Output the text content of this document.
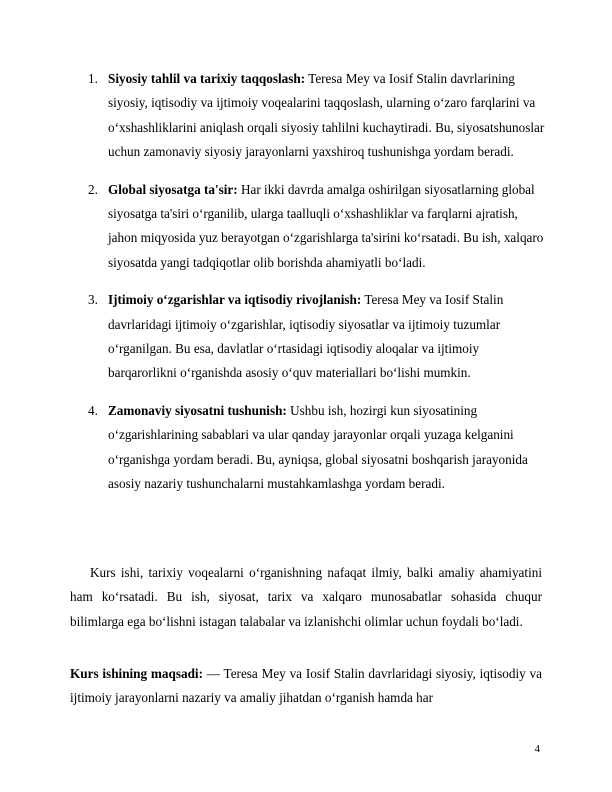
1. Siyosiy tahlil va tarixiy taqqoslash: Teresa Mey va Iosif Stalin davrlarining siyosiy, iqtisodiy va ijtimoiy voqealarini taqqoslash, ularning o‘zaro farqlarini va o‘xshashliklarini aniqlash orqali siyosiy tahlilni kuchaytiradi. Bu, siyosatshunoslar uchun zamonaviy siyosiy jarayonlarni yaxshiroq tushunishga yordam beradi.
2. Global siyosatga ta'sir: Har ikki davrda amalga oshirilgan siyosatlarning global siyosatga ta'siri o‘rganilib, ularga taalluqli o‘xshashliklar va farqlarni ajratish, jahon miqyosida yuz berayotgan o‘zgarishlarga ta'sirini ko‘rsatadi. Bu ish, xalqaro siyosatda yangi tadqiqotlar olib borishda ahamiyatli bo‘ladi.
3. Ijtimoiy o‘zgarishlar va iqtisodiy rivojlanish: Teresa Mey va Iosif Stalin davrlaridagi ijtimoiy o‘zgarishlar, iqtisodiy siyosatlar va ijtimoiy tuzumlar o‘rganilgan. Bu esa, davlatlar o‘rtasidagi iqtisodiy aloqalar va ijtimoiy barqarorlikni o‘rganishda asosiy o‘quv materiallari bo‘lishi mumkin.
4. Zamonaviy siyosatni tushunish: Ushbu ish, hozirgi kun siyosatining o‘zgarishlarining sabablari va ular qanday jarayonlar orqali yuzaga kelganini o‘rganishga yordam beradi. Bu, ayniqsa, global siyosatni boshqarish jarayonida asosiy nazariy tushunchalarni mustahkamlashga yordam beradi.

Kurs ishi, tarixiy voqealarni o‘rganishning nafaqat ilmiy, balki amaliy ahamiyatini ham ko‘rsatadi. Bu ish, siyosat, tarix va xalqaro munosabatlar sohasida chuqur bilimlarga ega bo‘lishni istagan talabalar va izlanishchi olimlar uchun foydali bo‘ladi.

Kurs ishining maqsadi: — Teresa Mey va Iosif Stalin davrlaridagi siyosiy, iqtisodiy va ijtimoiy jarayonlarni nazariy va amaliy jihatdan o‘rganish hamda har

4
